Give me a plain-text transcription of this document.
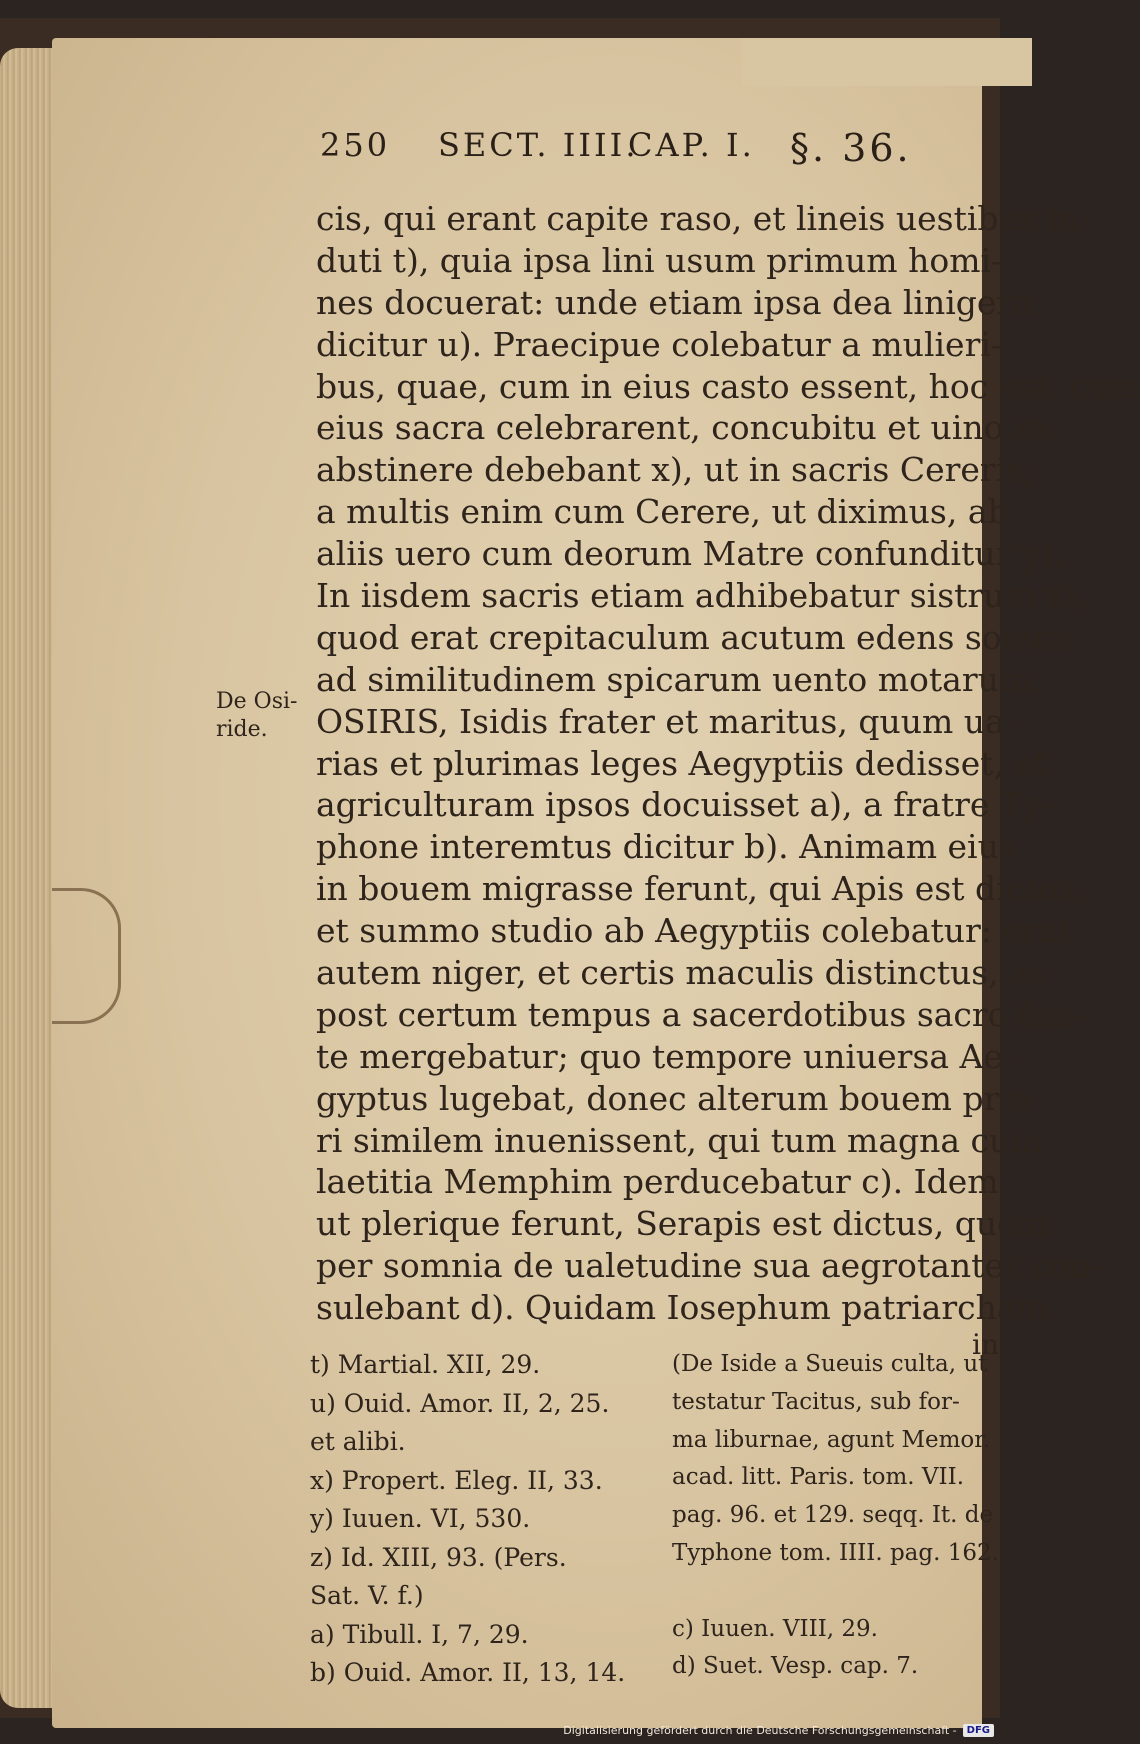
250 SECT. IIII.
CAP. I. §. 36.
De Osi-
ride.
cis, qui erant capite raso, et lineis uestibus in-
duti t), quia ipsa lini usum primum homi-
nes docuerat: unde etiam ipsa dea linigera
dicitur u). Praecipue colebatur a mulieri-
bus, quae, cum in eius casto essent, hoc est, cum
eius sacra celebrarent, concubitu et uino se
abstinere debebant x), ut in sacris Cereris;
a multis enim cum Cerere, ut diximus, ab
aliis uero cum deorum Matre confunditur y).
In iisdem sacris etiam adhibebatur sistrum z),
quod erat crepitaculum acutum edens sonum
ad similitudinem spicarum uento motarum.
OSIRIS, Isidis frater et maritus, quum ua-
rias et plurimas leges Aegyptiis dedisset, et
agriculturam ipsos docuisset a), a fratre Ty-
phone interemtus dicitur b). Animam eius
in bouem migrasse ferunt, qui Apis est dictus,
et summo studio ab Aegyptiis colebatur: erat
autem niger, et certis maculis distinctus, ac
post certum tempus a sacerdotibus sacro fon-
te mergebatur; quo tempore uniuersa Ae-
gyptus lugebat, donec alterum bouem prio-
ri similem inuenissent, qui tum magna cum
laetitia Memphim perducebatur c). Idem,
ut plerique ferunt, Serapis est dictus, quem
per somnia de ualetudine sua aegrotantes con-
sulebant d). Quidam Iosephum patriarcham
in
t) Martial. XII, 29.
u) Ouid. Amor. II, 2, 25.
et alibi.
x) Propert. Eleg. II, 33.
y) Iuuen. VI, 530.
z) Id. XIII, 93. (Pers.
Sat. V. f.)
a) Tibull. I, 7, 29.
b) Ouid. Amor. II, 13, 14.
(De Iside a Sueuis culta, ut
testatur Tacitus, sub for-
ma liburnae, agunt Memor.
acad. litt. Paris. tom. VII.
pag. 96. et 129. seqq. It. de
Typhone tom. IIII. pag. 162.)

c) Iuuen. VIII, 29.
d) Suet. Vesp. cap. 7.
Digitalisierung gefördert durch die Deutsche Forschungsgemeinschaft -	DFG
